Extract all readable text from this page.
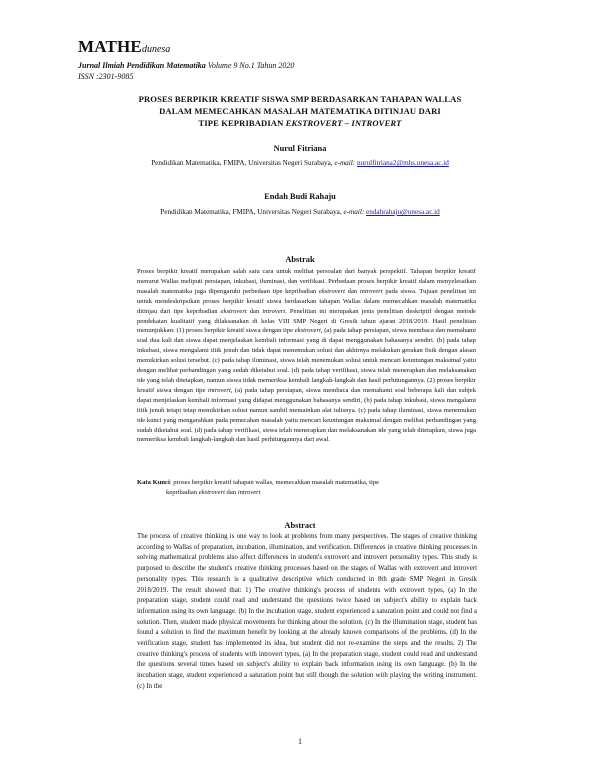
MATHEdunesa
Jurnal Ilmiah Pendidikan Matematika Volume 9 No.1 Tahun 2020
ISSN :2301-9085
PROSES BERPIKIR KREATIF SISWA SMP BERDASARKAN TAHAPAN WALLAS
DALAM MEMECAHKAN MASALAH MATEMATIKA DITINJAU DARI
TIPE KEPRIBADIAN EKSTROVERT – INTROVERT
Nurul Fitriana
Pendidikan Matematika, FMIPA, Universitas Negeri Surabaya, e-mail: nurulfitriana2@mhs.unesa.ac.id
Endah Budi Rahaju
Pendidikan Matematika, FMIPA, Universitas Negeri Surabaya, e-mail: endahrahaju@unesa.ac.id
Abstrak
Proses berpikir kreatif merupakan salah satu cara untuk melihat persoalan dari banyak perspektif. Tahapan berpikir kreatif menurut Wallas meliputi persiapan, inkubasi, iluminasi, dan verifikasi. Perbedaan proses berpikir kreatif dalam menyelesaikan masalah matematika juga dipengaruhi perbedaan tipe kepribadian ekstrovert dan introvert pada siswa. Tujuan penelitian ini untuk mendeskripsikan proses berpikir kreatif siswa berdasarkan tahapan Wallas dalam memecahkan masalah matematika ditinjau dari tipe kepribadian ekstrovert dan introvert. Penelitian ini merupakan jenis penelitian deskriptif dengan metode pendekatan kualitatif yang dilaksanakan di kelas VIII SMP Negeri di Gresik tahun ajaran 2018/2019. Hasil penelitian menunjukkan: (1) proses berpikir kreatif siswa dengan tipe ekstrovert, (a) pada tahap persiapan, siswa membaca dan memahami soal dua kali dan siswa dapat menjelaskan kembali informasi yang di dapat menggunakan bahasanya sendiri. (b) pada tahap inkubasi, siswa mengalami titik jenuh dan tidak dapat menemukan solusi dan akhirnya melakukan gerakan fisik dengan alasan memikirkan solusi tersebut. (c) pada tahap iluminasi, siswa telah menemukan solusi untuk mencari keuntungan maksimal yaitu dengan melihat perbandingan yang sudah diketahui soal. (d) pada tahap verifikasi, siswa telah menerapkan dan melaksanakan ide yang telah ditetapkan, namun siswa tidak memeriksa kembali langkah-langkah dan hasil perhitungannya. (2) proses berpikir kreatif siswa dengan tipe introvert, (a) pada tahap persiapan, siswa membaca dan memahami soal beberapa kali dan subjek dapat menjelaskan kembali informasi yang didapat menggunakan bahasanya sendiri, (b) pada tahap inkubasi, siswa mengalami titik jenuh tetapi tetap memikirkan solusi namun sambil memainkan alat tulisnya. (c) pada tahap iluminasi, siswa menemukan ide kunci yang mengarahkan pada pemecahan masalah yaitu mencari keuntungan maksimal dengan melihat perbandingan yang sudah diketahui soal. (d) pada tahap verifikasi, siswa telah menerapkan dan melaksanakan ide yang telah ditetapkan, siswa juga memeriksa kembali langkah-langkah dan hasil perhitungannya dari awal.
Kata Kunci: proses berpikir kreatif tahapan wallas, memecahkan masalah matematika, tipe
kepribadian ekstrovert dan introvert
Abstract
The process of creative thinking is one way to look at problems from many perspectives. The stages of creative thinking according to Wallas of preparation, incubation, illumination, and verification. Differences in creative thinking processes in solving mathematical problems also affect differences in student's extrovert and introvert personality types. This study is purposed to describe the student's creative thinking processes based on the stages of Wallas with extrovert and introvert personality types. This research is a qualitative descriptive which conducted in 8th grade SMP Negeri in Gresik 2018/2019. The result showed that: 1) The creative thinking's process of students with extrovert types, (a) In the preparation stage, student could read and understand the questions twice based on subject's ability to explain back information using its own language. (b) In the incubation stage, student experienced a saturation point and could not find a solution. Then, student made physical movements for thinking about the solution. (c) In the illumination stage, student has found a solution to find the maximum benefit by looking at the already known comparisons of the problems. (d) In the verification stage, student has implemented its idea, but student did not re-examine the steps and the results. 2) The creative thinking's process of students with introvert types, (a) In the preparation stage, student could read and understand the questions several times based on subject's ability to explain back information using its own language. (b) In the incubation stage, student experienced a saturation point but still though the solution with playing the writing instrument. (c) In the
1
